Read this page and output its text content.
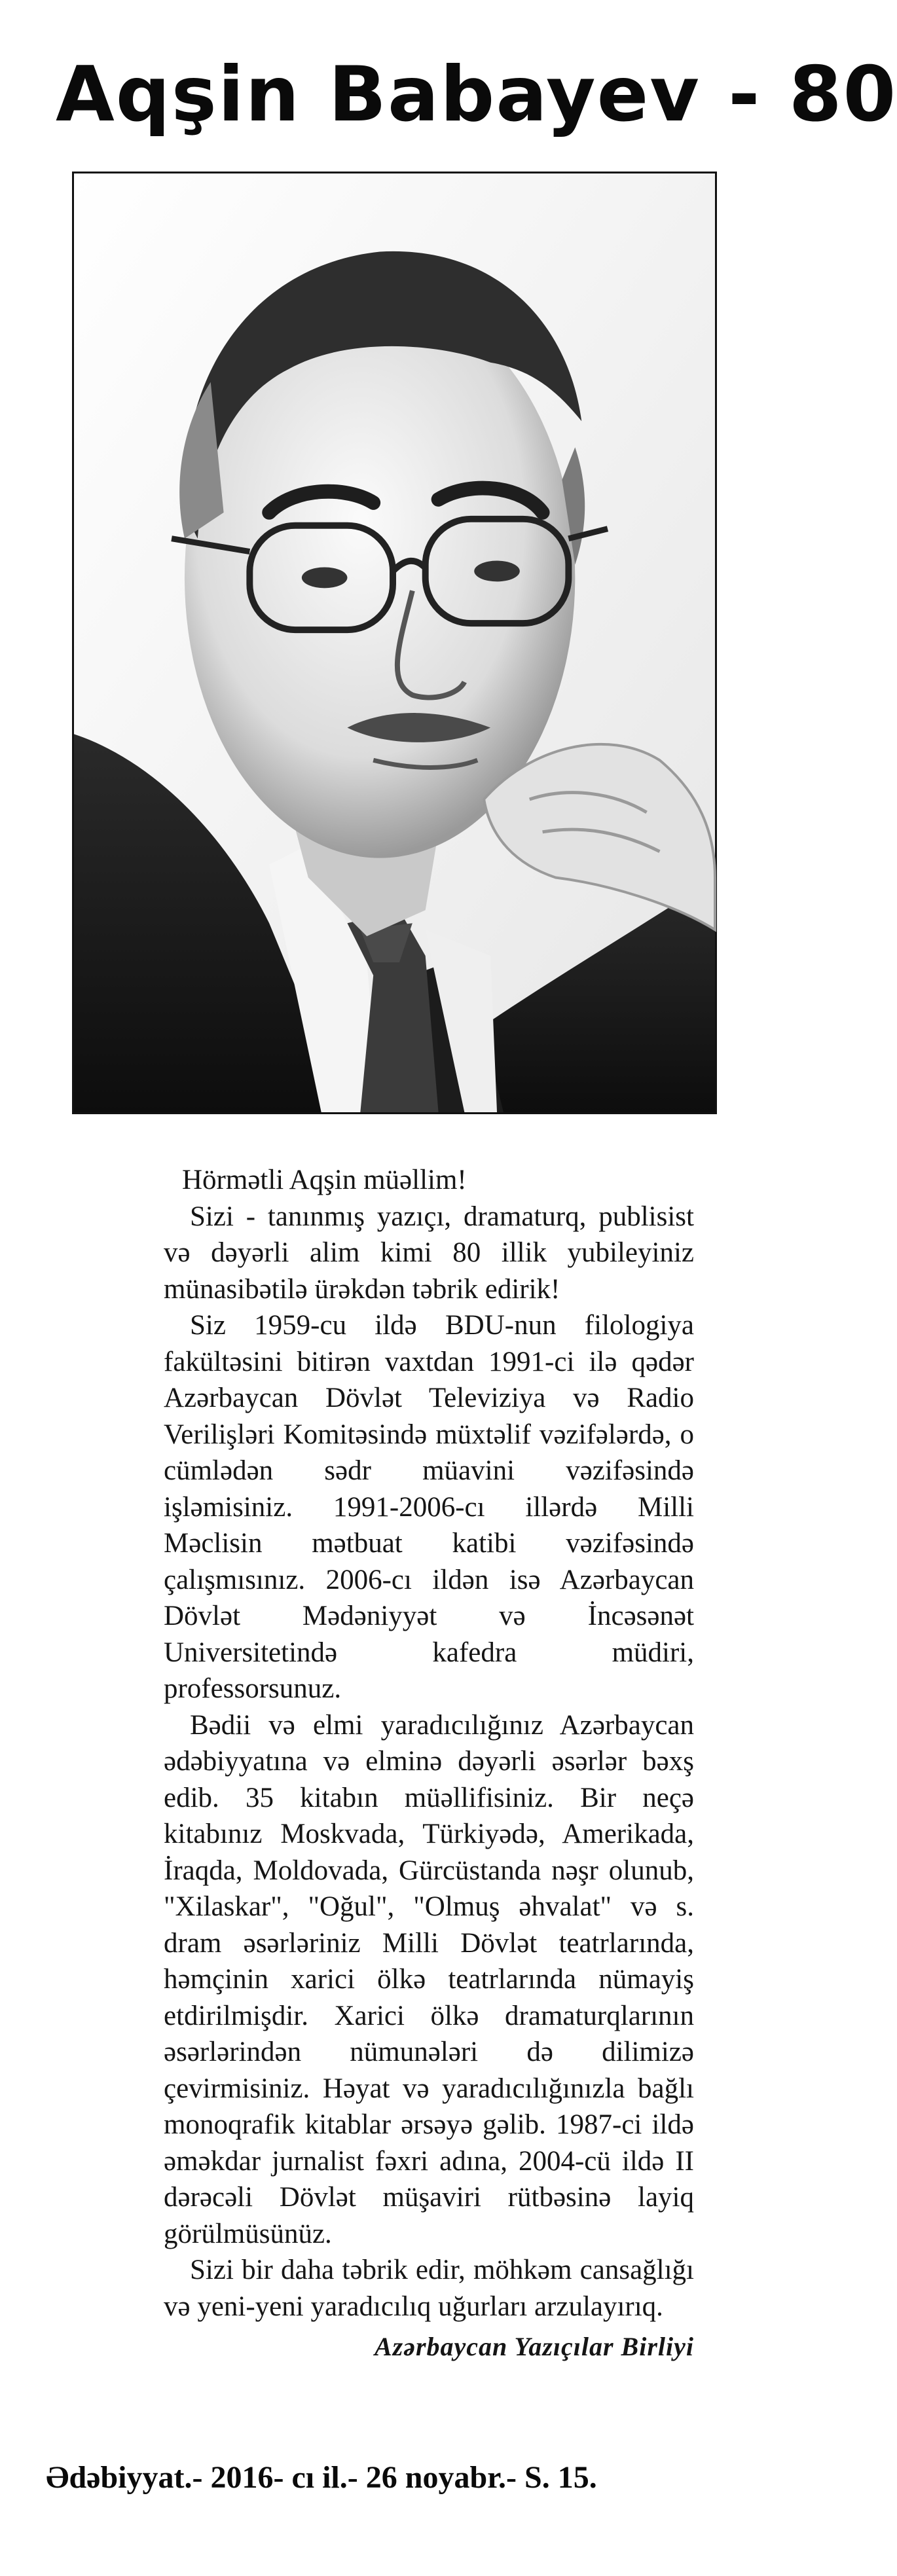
Aqşin Babayev - 80

Hörmətli Aqşin müəllim!

Sizi - tanınmış yazıçı, dramaturq, publisist və dəyərli alim kimi 80 illik yubileyiniz münasibətilə ürəkdən təbrik edirik!

Siz 1959-cu ildə BDU-nun filologiya fakültəsini bitirən vaxtdan 1991-ci ilə qədər Azərbaycan Dövlət Televiziya və Radio Verilişləri Komitəsində müxtəlif vəzifələrdə, o cümlədən sədr müavini vəzifəsində işləmisiniz. 1991-2006-cı illərdə Milli Məclisin mətbuat katibi vəzifəsində çalışmısınız. 2006-cı ildən isə Azərbaycan Dövlət Mədəniyyət və İncəsənət Universitetində kafedra müdiri, professorsunuz.

Bədii və elmi yaradıcılığınız Azərbaycan ədəbiyyatına və elminə dəyərli əsərlər bəxş edib. 35 kitabın müəllifisiniz. Bir neçə kitabınız Moskvada, Türkiyədə, Amerikada, İraqda, Moldovada, Gürcüstanda nəşr olunub, "Xilaskar", "Oğul", "Olmuş əhvalat" və s. dram əsərləriniz Milli Dövlət teatrlarında, həmçinin xarici ölkə teatrlarında nümayiş etdirilmişdir. Xarici ölkə dramaturqlarının əsərlərindən nümunələri də dilimizə çevirmisiniz. Həyat və yaradıcılığınızla bağlı monoqrafik kitablar ərsəyə gəlib. 1987-ci ildə əməkdar jurnalist fəxri adına, 2004-cü ildə II dərəcəli Dövlət müşaviri rütbəsinə layiq görülmüsünüz.

Sizi bir daha təbrik edir, möhkəm cansağlığı və yeni-yeni yaradıcılıq uğurları arzulayırıq.

Azərbaycan Yazıçılar Birliyi
Ədəbiyyat.- 2016- cı il.- 26 noyabr.- S. 15.
